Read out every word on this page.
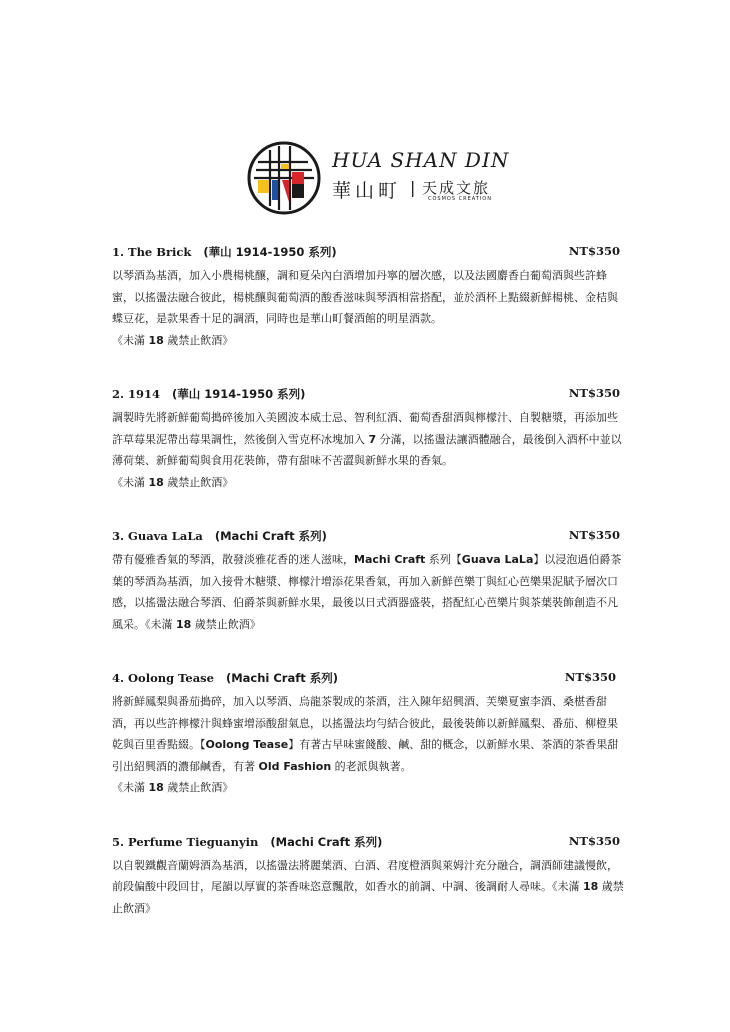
HUA SHAN DIN
華山町 | 天成文旅
COSMOS CREATION
1. The Brick (華山 1914-1950 系列)	NT$350

以琴酒為基酒，加入小農楊桃釀，調和夏朵內白酒增加丹寧的層次感，以及法國麝香白葡萄酒與些許蜂蜜，以搖盪法融合彼此，楊桃釀與葡萄酒的酸香滋味與琴酒相當搭配，並於酒杯上點綴新鮮楊桃、金桔與蝶豆花，是款果香十足的調酒，同時也是華山町餐酒館的明星酒款。
《未滿 18 歲禁止飲酒》

2. 1914 (華山 1914-1950 系列)	NT$350

調製時先將新鮮葡萄搗碎後加入美國波本威士忌、智利紅酒、葡萄香甜酒與檸檬汁、自製糖漿，再添加些許草莓果泥帶出莓果調性，然後倒入雪克杯冰塊加入 7 分滿，以搖盪法讓酒體融合，最後倒入酒杯中並以薄荷葉、新鮮葡萄與食用花裝飾，帶有甜味不苦澀與新鮮水果的香氣。
《未滿 18 歲禁止飲酒》

3. Guava LaLa (Machi Craft 系列)	NT$350

帶有優雅香氣的琴酒，散發淡雅花香的迷人滋味，Machi Craft 系列【Guava LaLa】以浸泡過伯爵茶葉的琴酒為基酒，加入接骨木糖漿、檸檬汁增添花果香氣，再加入新鮮芭樂丁與紅心芭樂果泥賦予層次口感，以搖盪法融合琴酒、伯爵茶與新鮮水果，最後以日式酒器盛裝，搭配紅心芭樂片與茶葉裝飾創造不凡風采。《未滿 18 歲禁止飲酒》

4. Oolong Tease (Machi Craft 系列)	NT$350

將新鮮鳳梨與番茄搗碎，加入以琴酒、烏龍茶製成的茶酒，注入陳年紹興酒、芙樂夏蜜李酒、桑椹香甜酒，再以些許檸檬汁與蜂蜜增添酸甜氣息，以搖盪法均勻結合彼此，最後裝飾以新鮮鳳梨、番茄、柳橙果乾與百里香點綴。【Oolong Tease】有著古早味蜜餞酸、鹹、甜的概念，以新鮮水果、茶酒的茶香果甜引出紹興酒的濃郁鹹香，有著 Old Fashion 的老派與執著。
《未滿 18 歲禁止飲酒》

5. Perfume Tieguanyin (Machi Craft 系列)	NT$350

以自製鐵觀音蘭姆酒為基酒，以搖盪法將麗葉酒、白酒、君度橙酒與萊姆汁充分融合，調酒師建議慢飲，前段偏酸中段回甘，尾韻以厚實的茶香味恣意飄散，如香水的前調、中調、後調耐人尋味。《未滿 18 歲禁止飲酒》
